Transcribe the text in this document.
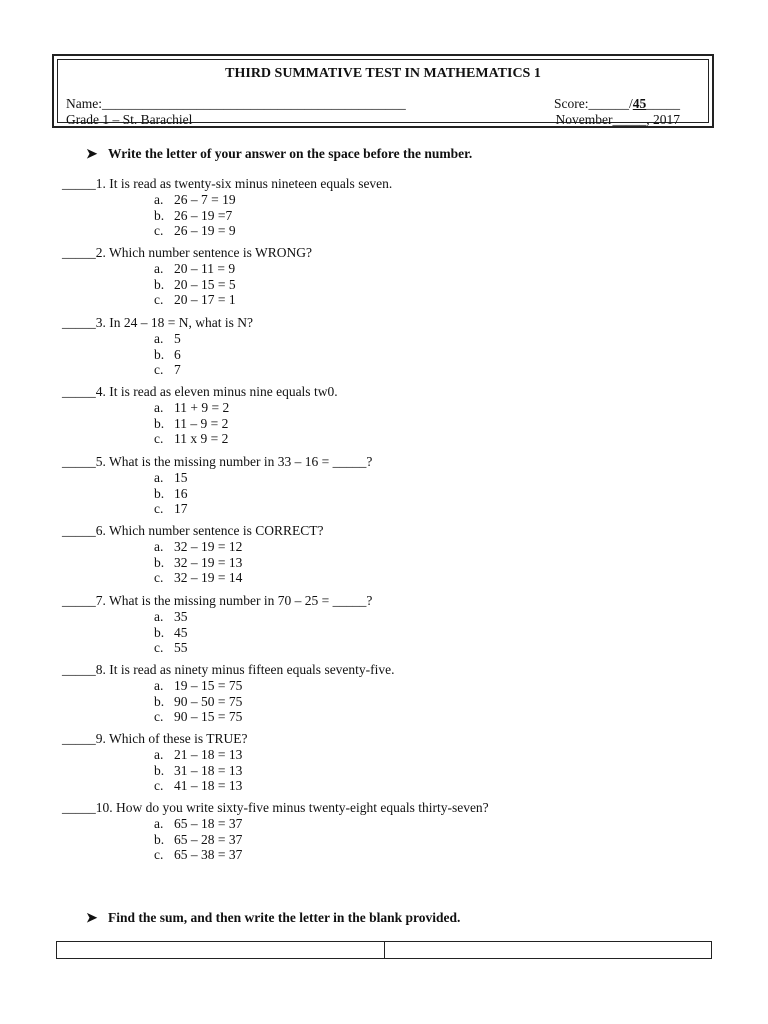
THIRD SUMMATIVE TEST IN MATHEMATICS 1
Name:_____________________________________________	Score:______/45_____
Grade 1 – St. Barachiel	November_____, 2017
➤ Write the letter of your answer on the space before the number.
_____1. It is read as twenty-six minus nineteen equals seven.
a. 26 – 7 = 19
b. 26 – 19 =7
c. 26 – 19 = 9
_____2. Which number sentence is WRONG?
a. 20 – 11 = 9
b. 20 – 15 = 5
c. 20 – 17 = 1
_____3. In 24 – 18 = N, what is N?
a. 5
b. 6
c. 7
_____4. It is read as eleven minus nine equals tw0.
a. 11 + 9 = 2
b. 11 – 9 = 2
c. 11 x 9 = 2
_____5. What is the missing number in 33 – 16 = _____?
a. 15
b. 16
c. 17
_____6. Which number sentence is CORRECT?
a. 32 – 19 = 12
b. 32 – 19 = 13
c. 32 – 19 = 14
_____7. What is the missing number in 70 – 25 = _____?
a. 35
b. 45
c. 55
_____8. It is read as ninety minus fifteen equals seventy-five.
a. 19 – 15 = 75
b. 90 – 50 = 75
c. 90 – 15 = 75
_____9. Which of these is TRUE?
a. 21 – 18 = 13
b. 31 – 18 = 13
c. 41 – 18 = 13
_____10. How do you write sixty-five minus twenty-eight equals thirty-seven?
a. 65 – 18 = 37
b. 65 – 28 = 37
c. 65 – 38 = 37
➤ Find the sum, and then write the letter in the blank provided.
